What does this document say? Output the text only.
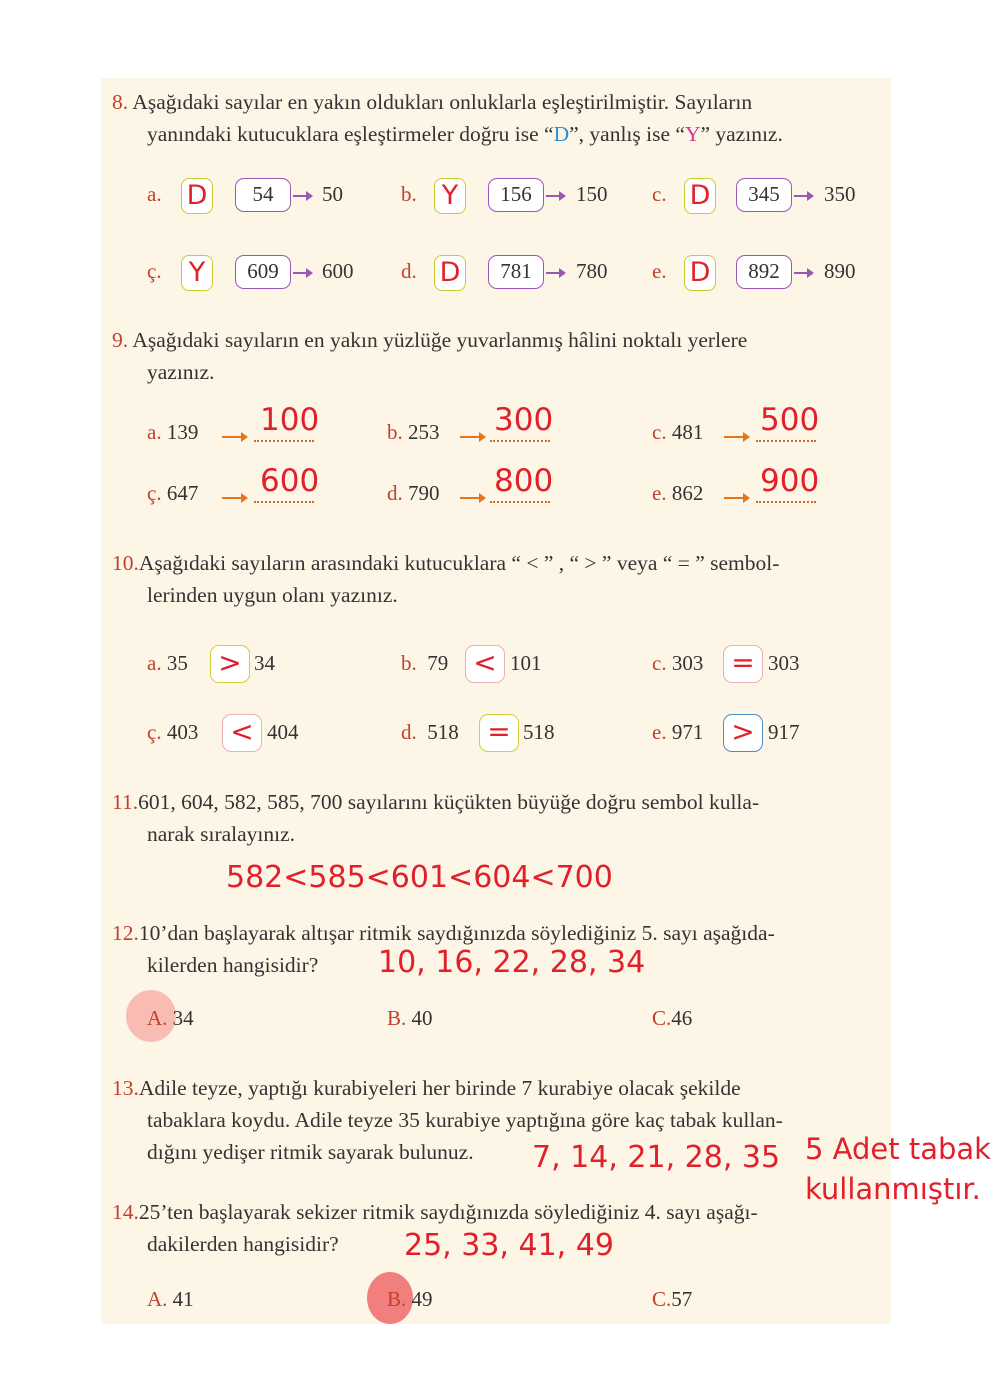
8. Aşağıdaki sayılar en yakın oldukları onluklarla eşleştirilmiştir. Sayıların
yanındaki kutucuklara eşleştirmeler doğru ise “D”, yanlış ise “Y” yazınız.
a. D	54	50	b. Y	156	150 c. D	345	350
ç. Y	609	600 d. D	781	780 e. D	892	890
9. Aşağıdaki sayıların en yakın yüzlüğe yuvarlanmış hâlini noktalı yerlere
yazınız.
a. 139 100	b. 253 300	c. 481 500
ç. 647 600	d. 790 800	e. 862 900
10.Aşağıdaki sayıların arasındaki kutucuklara “ < ” , “ > ” veya “ = ” sembol-
lerinden uygun olanı yazınız.
a. 35 > 34	b. 79 < 101	c. 303 = 303
ç. 403 < 404	d. 518 = 518	e. 971 > 917
11.601, 604, 582, 585, 700 sayılarını küçükten büyüğe doğru sembol kulla-
narak sıralayınız.
582<585<601<604<700
12.10’dan başlayarak altışar ritmik saydığınızda söylediğiniz 5. sayı aşağıda-
kilerden hangisidir? 10, 16, 22, 28, 34
A. 34	B. 40	C.46
13.Adile teyze, yaptığı kurabiyeleri her birinde 7 kurabiye olacak şekilde
tabaklara koydu. Adile teyze 35 kurabiye yaptığına göre kaç tabak kullan-
dığını yedişer ritmik sayarak bulunuz. 7, 14, 21, 28, 35 5 Adet tabak
kullanmıştır.
14.25’ten başlayarak sekizer ritmik saydığınızda söylediğiniz 4. sayı aşağı-
dakilerden hangisidir? 25, 33, 41, 49
A. 41	B. 49	C.57
